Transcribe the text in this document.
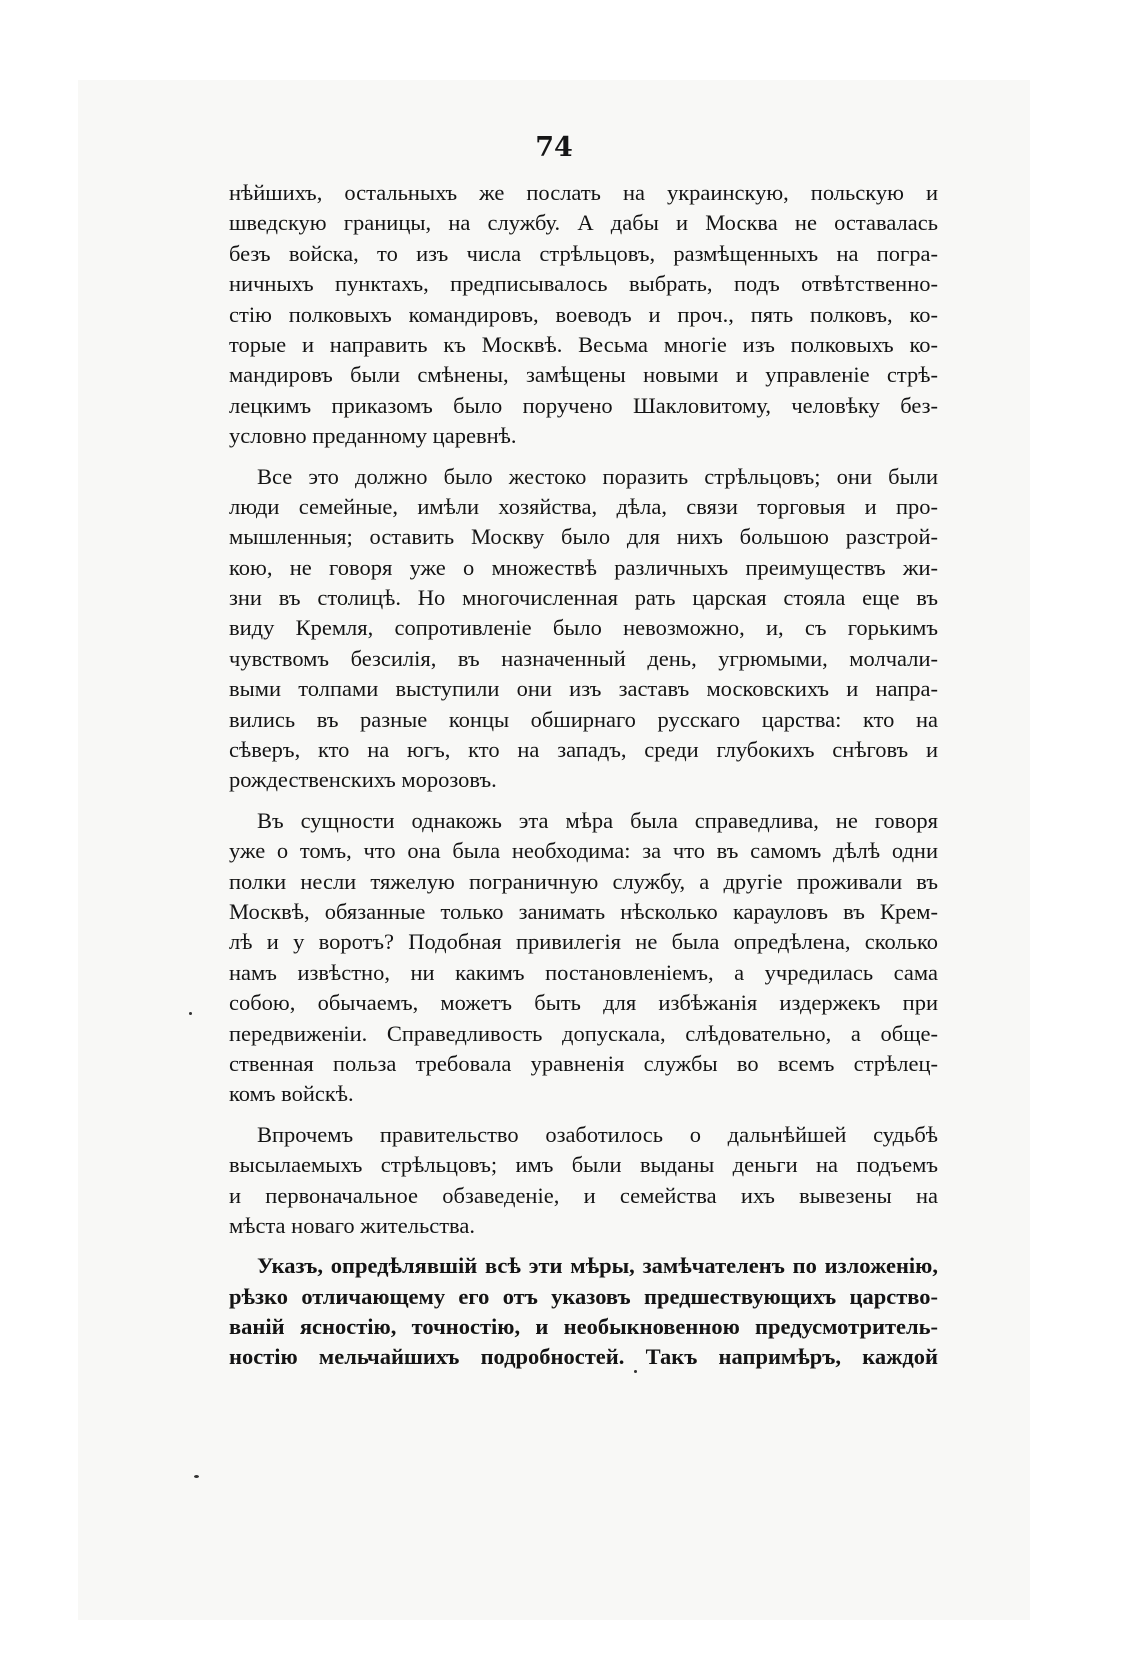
74
нѣйшихъ, остальныхъ же послать на украинскую, польскую и
шведскую границы, на службу. А дабы и Москва не оставалась
безъ войска, то изъ числа стрѣльцовъ, размѣщенныхъ на погра-
ничныхъ пунктахъ, предписывалось выбрать, подъ отвѣтственно-
стію полковыхъ командировъ, воеводъ и проч., пять полковъ, ко-
торые и направить къ Москвѣ. Весьма многіе изъ полковыхъ ко-
мандировъ были смѣнены, замѣщены новыми и управленіе стрѣ-
лецкимъ приказомъ было поручено Шакловитому, человѣку без-
условно преданному царевнѣ.
Все это должно было жестоко поразить стрѣльцовъ; они были
люди семейные, имѣли хозяйства, дѣла, связи торговыя и про-
мышленныя; оставить Москву было для нихъ большою разстрой-
кою, не говоря уже о множествѣ различныхъ преимуществъ жи-
зни въ столицѣ. Но многочисленная рать царская стояла еще въ
виду Кремля, сопротивленіе было невозможно, и, съ горькимъ
чувствомъ безсилія, въ назначенный день, угрюмыми, молчали-
выми толпами выступили они изъ заставъ московскихъ и напра-
вились въ разные концы обширнаго русскаго царства: кто на
сѣверъ, кто на югъ, кто на западъ, среди глубокихъ снѣговъ и
рождественскихъ морозовъ.
Въ сущности однакожь эта мѣра была справедлива, не говоря
уже о томъ, что она была необходима: за что въ самомъ дѣлѣ одни
полки несли тяжелую пограничную службу, а другіе проживали въ
Москвѣ, обязанные только занимать нѣсколько карауловъ въ Крем-
лѣ и у воротъ? Подобная привилегія не была опредѣлена, сколько
намъ извѣстно, ни какимъ постановленіемъ, а учредилась сама
собою, обычаемъ, можетъ быть для избѣжанія издержекъ при
передвиженіи. Справедливость допускала, слѣдовательно, а обще-
ственная польза требовала уравненія службы во всемъ стрѣлец-
комъ войскѣ.
Впрочемъ правительство озаботилось о дальнѣйшей судьбѣ
высылаемыхъ стрѣльцовъ; имъ были выданы деньги на подъемъ
и первоначальное обзаведеніе, и семейства ихъ вывезены на
мѣста новаго жительства.
Указъ, опредѣлявшій всѣ эти мѣры, замѣчателенъ по изложенію,
рѣзко отличающему его отъ указовъ предшествующихъ царство-
ваній ясностію, точностію, и необыкновенною предусмотритель-
ностію мельчайшихъ подробностей. Такъ напримѣръ, каждой
